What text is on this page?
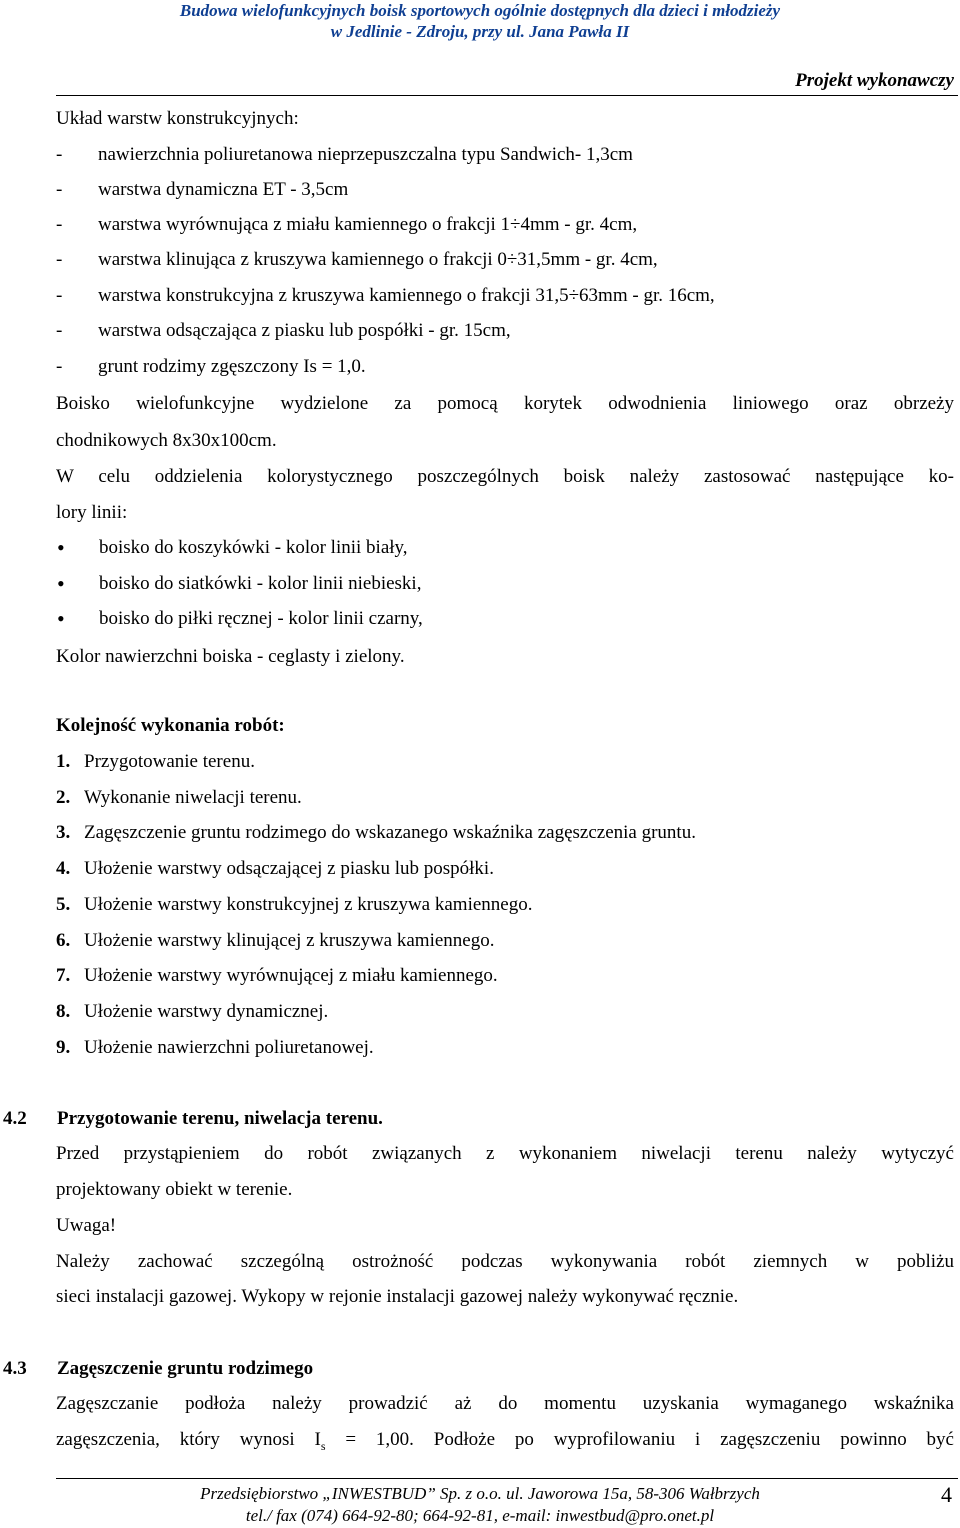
Budowa wielofunkcyjnych boisk sportowych ogólnie dostępnych dla dzieci i młodzieży
w Jedlinie - Zdroju, przy ul. Jana Pawła II
Projekt wykonawczy
Układ warstw konstrukcyjnych:
- nawierzchnia poliuretanowa nieprzepuszczalna typu Sandwich- 1,3cm
- warstwa dynamiczna ET - 3,5cm
- warstwa wyrównująca z miału kamiennego o frakcji 1÷4mm - gr. 4cm,
- warstwa klinująca z kruszywa kamiennego o frakcji 0÷31,5mm - gr. 4cm,
- warstwa konstrukcyjna z kruszywa kamiennego o frakcji 31,5÷63mm - gr. 16cm,
- warstwa odsączająca z piasku lub pospółki - gr. 15cm,
- grunt rodzimy zgęszczony Is = 1,0.
Boisko wielofunkcyjne wydzielone za pomocą korytek odwodnienia liniowego oraz obrzeży
chodnikowych 8x30x100cm.
W celu oddzielenia kolorystycznego poszczególnych boisk należy zastosować następujące ko-
lory linii:
•
boisko do koszykówki - kolor linii biały,
•
boisko do siatkówki - kolor linii niebieski,
•
boisko do piłki ręcznej - kolor linii czarny,
Kolor nawierzchni boiska - ceglasty i zielony.
Kolejność wykonania robót:
1. Przygotowanie terenu.
2. Wykonanie niwelacji terenu.
3. Zagęszczenie gruntu rodzimego do wskazanego wskaźnika zagęszczenia gruntu.
4. Ułożenie warstwy odsączającej z piasku lub pospółki.
5. Ułożenie warstwy konstrukcyjnej z kruszywa kamiennego.
6. Ułożenie warstwy klinującej z kruszywa kamiennego.
7. Ułożenie warstwy wyrównującej z miału kamiennego.
8. Ułożenie warstwy dynamicznej.
9. Ułożenie nawierzchni poliuretanowej.
4.2 Przygotowanie terenu, niwelacja terenu.
Przed przystąpieniem do robót związanych z wykonaniem niwelacji terenu należy wytyczyć
projektowany obiekt w terenie.
Uwaga!
Należy zachować szczególną ostrożność podczas wykonywania robót ziemnych w pobliżu
sieci instalacji gazowej. Wykopy w rejonie instalacji gazowej należy wykonywać ręcznie.
4.3 Zagęszczenie gruntu rodzimego
Zagęszczanie podłoża należy prowadzić aż do momentu uzyskania wymaganego wskaźnika
zagęszczenia, który wynosi $I_s = 1,00$. Podłoże po wyprofilowaniu i zagęszczeniu powinno być
Przedsiębiorstwo „INWESTBUD” Sp. z o.o. ul. Jaworowa 15a, 58-306 Wałbrzych
tel./ fax (074) 664-92-80; 664-92-81, e-mail: inwestbud@pro.onet.pl
4
